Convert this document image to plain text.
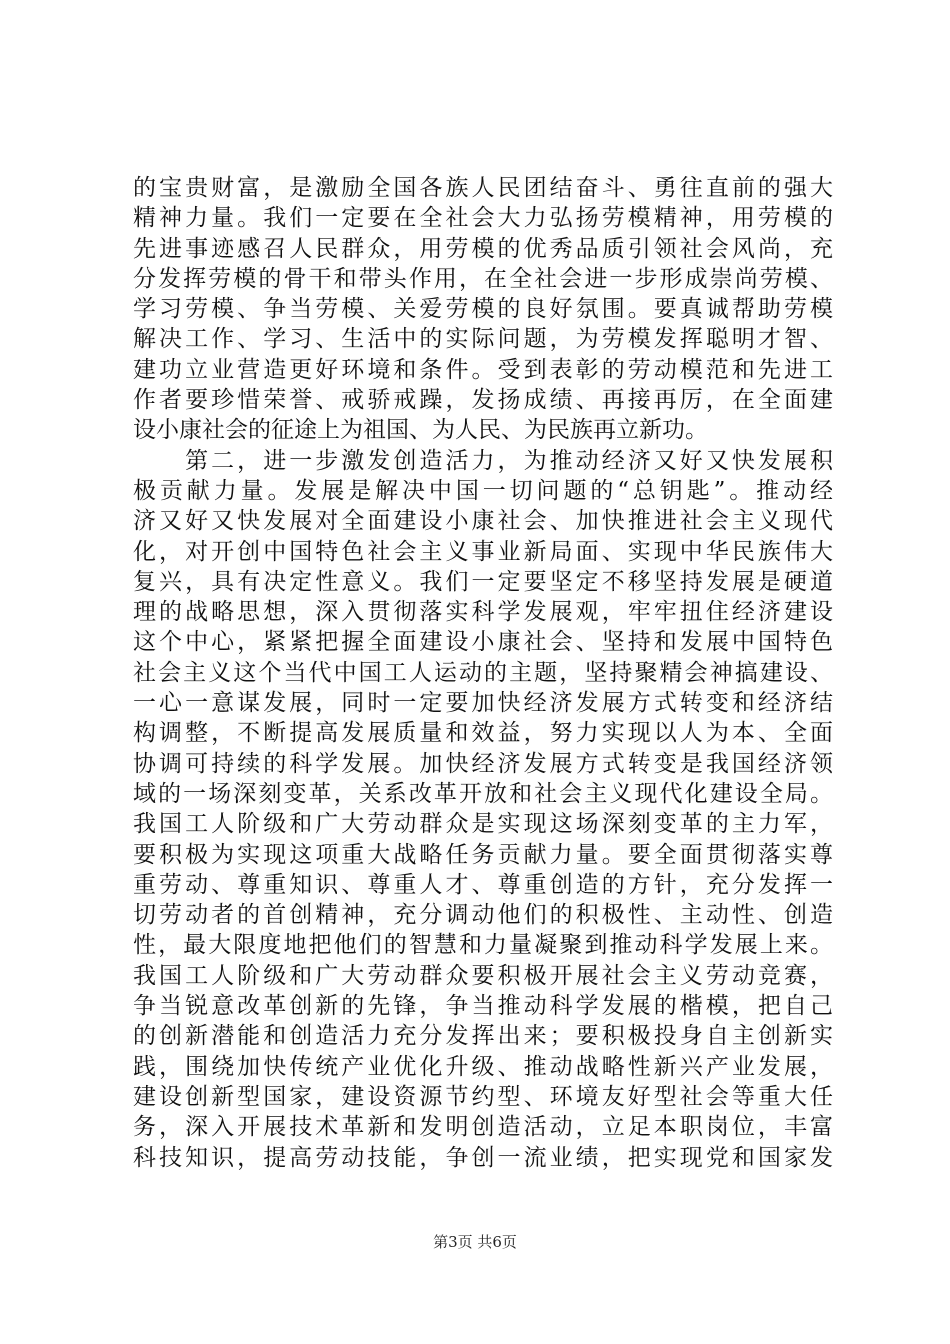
的宝贵财富，是激励全国各族人民团结奋斗、勇往直前的强大
精神力量。我们一定要在全社会大力弘扬劳模精神，用劳模的
先进事迹感召人民群众，用劳模的优秀品质引领社会风尚，充
分发挥劳模的骨干和带头作用，在全社会进一步形成崇尚劳模、
学习劳模、争当劳模、关爱劳模的良好氛围。要真诚帮助劳模
解决工作、学习、生活中的实际问题，为劳模发挥聪明才智、
建功立业营造更好环境和条件。受到表彰的劳动模范和先进工
作者要珍惜荣誉、戒骄戒躁，发扬成绩、再接再厉，在全面建
设小康社会的征途上为祖国、为人民、为民族再立新功。
　　第二，进一步激发创造活力，为推动经济又好又快发展积
极贡献力量。发展是解决中国一切问题的“总钥匙”。推动经
济又好又快发展对全面建设小康社会、加快推进社会主义现代
化，对开创中国特色社会主义事业新局面、实现中华民族伟大
复兴，具有决定性意义。我们一定要坚定不移坚持发展是硬道
理的战略思想，深入贯彻落实科学发展观，牢牢扭住经济建设
这个中心，紧紧把握全面建设小康社会、坚持和发展中国特色
社会主义这个当代中国工人运动的主题，坚持聚精会神搞建设、
一心一意谋发展，同时一定要加快经济发展方式转变和经济结
构调整，不断提高发展质量和效益，努力实现以人为本、全面
协调可持续的科学发展。加快经济发展方式转变是我国经济领
域的一场深刻变革，关系改革开放和社会主义现代化建设全局。
我国工人阶级和广大劳动群众是实现这场深刻变革的主力军，
要积极为实现这项重大战略任务贡献力量。要全面贯彻落实尊
重劳动、尊重知识、尊重人才、尊重创造的方针，充分发挥一
切劳动者的首创精神，充分调动他们的积极性、主动性、创造
性，最大限度地把他们的智慧和力量凝聚到推动科学发展上来。
我国工人阶级和广大劳动群众要积极开展社会主义劳动竞赛，
争当锐意改革创新的先锋，争当推动科学发展的楷模，把自己
的创新潜能和创造活力充分发挥出来；要积极投身自主创新实
践，围绕加快传统产业优化升级、推动战略性新兴产业发展，
建设创新型国家，建设资源节约型、环境友好型社会等重大任
务，深入开展技术革新和发明创造活动，立足本职岗位，丰富
科技知识，提高劳动技能，争创一流业绩，把实现党和国家发
第3页 共6页
